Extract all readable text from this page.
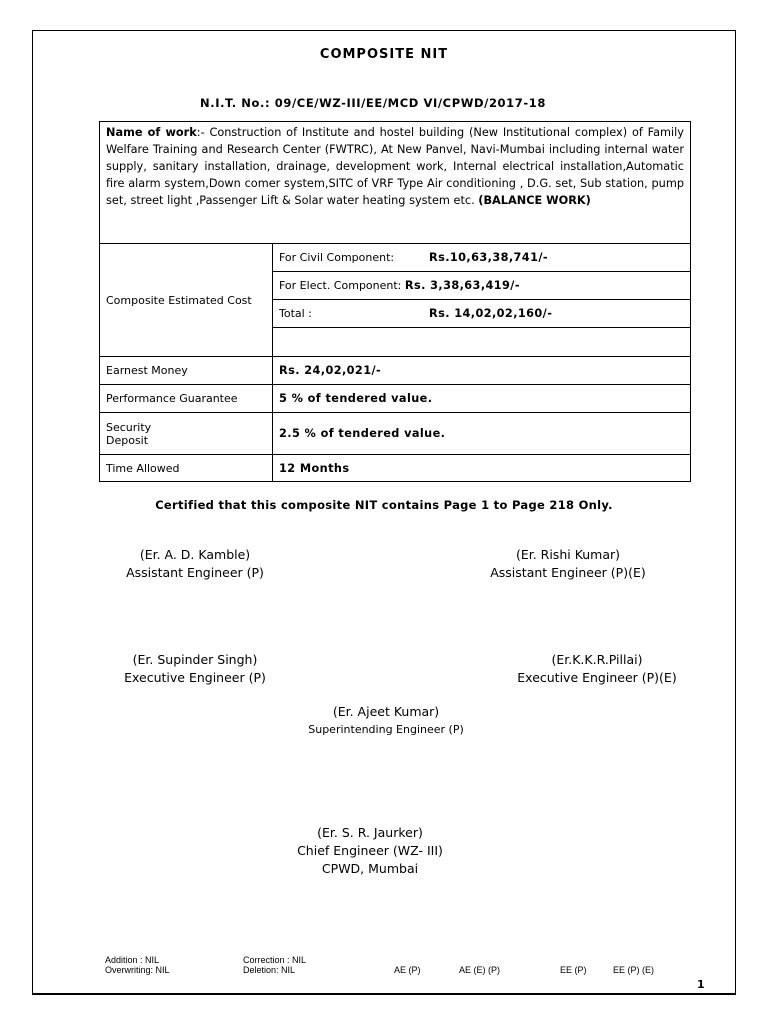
COMPOSITE NIT
N.I.T. No.: 09/CE/WZ-III/EE/MCD VI/CPWD/2017-18
Name of work:- Construction of Institute and hostel building (New Institutional complex) of Family Welfare Training and Research Center (FWTRC), At New Panvel, Navi-Mumbai including internal water supply, sanitary installation, drainage, development work, Internal electrical installation,Automatic fire alarm system,Down comer system,SITC of VRF Type Air conditioning , D.G. set, Sub station, pump set, street light ,Passenger Lift & Solar water heating system etc. (BALANCE WORK)
Composite Estimated Cost	For Civil Component: Rs.10,63,38,741/-
	For Elect. Component: Rs. 3,38,63,419/-
	Total : Rs. 14,02,02,160/-

Earnest Money	Rs. 24,02,021/-
Performance Guarantee	5 % of tendered value.
Security
Deposit	2.5 % of tendered value.
Time Allowed	12 Months
Certified that this composite NIT contains Page 1 to Page 218 Only.
(Er. A. D. Kamble)
Assistant Engineer (P)
(Er. Rishi Kumar)
Assistant Engineer (P)(E)
(Er. Supinder Singh)
Executive Engineer (P)
(Er.K.K.R.Pillai)
Executive Engineer (P)(E)
(Er. Ajeet Kumar)
Superintending Engineer (P)
(Er. S. R. Jaurker)
Chief Engineer (WZ- III)
CPWD, Mumbai
Addition : NIL
Overwriting: NIL
Correction : NIL
Deletion: NIL	AE (P)	AE (E) (P)	EE (P)	EE (P) (E)
1
